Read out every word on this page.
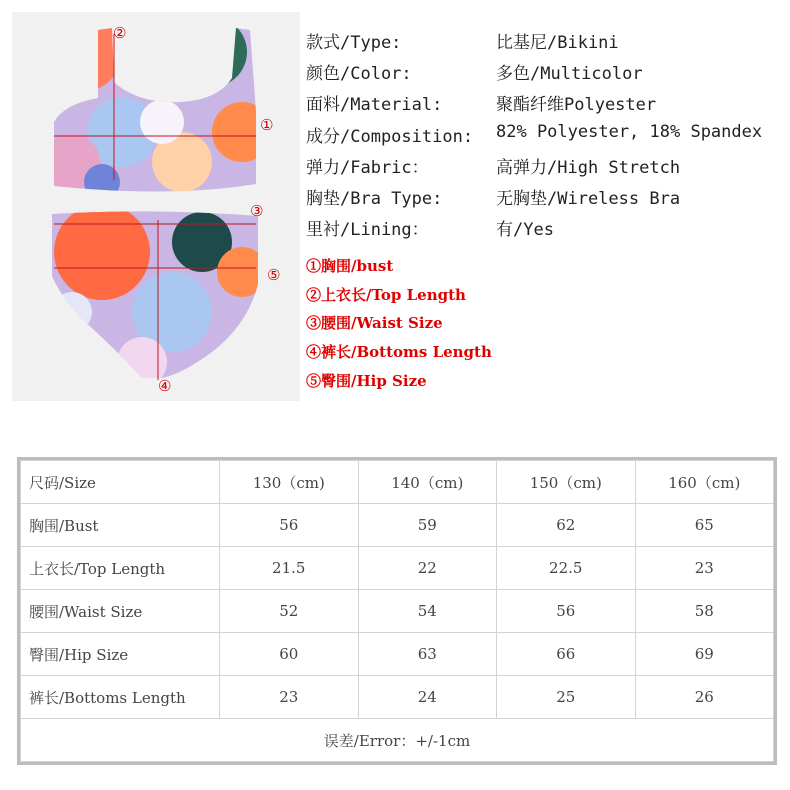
①
②
③
④
⑤
款式/Type:	比基尼/Bikini
颜色/Color:	多色/Multicolor
面料/Material:	聚酯纤维Polyester
成分/Composition: 82% Polyester, 18% Spandex
弹力/Fabric：	高弹力/High Stretch
胸垫/Bra Type:	无胸垫/Wireless Bra
里衬/Lining：	有/Yes
①胸围/bust
②上衣长/Top Length
③腰围/Waist Size
④裤长/Bottoms Length
⑤臀围/Hip Size
尺码/Size	130（cm)	140（cm)	150（cm)	160（cm)
胸围/Bust	56	59	62	65
上衣长/Top Length	21.5	22	22.5	23
腰围/Waist Size	52	54	56	58
臀围/Hip Size	60	63	66	69
裤长/Bottoms Length	23	24	25	26
误差/Error：+/-1cm				
